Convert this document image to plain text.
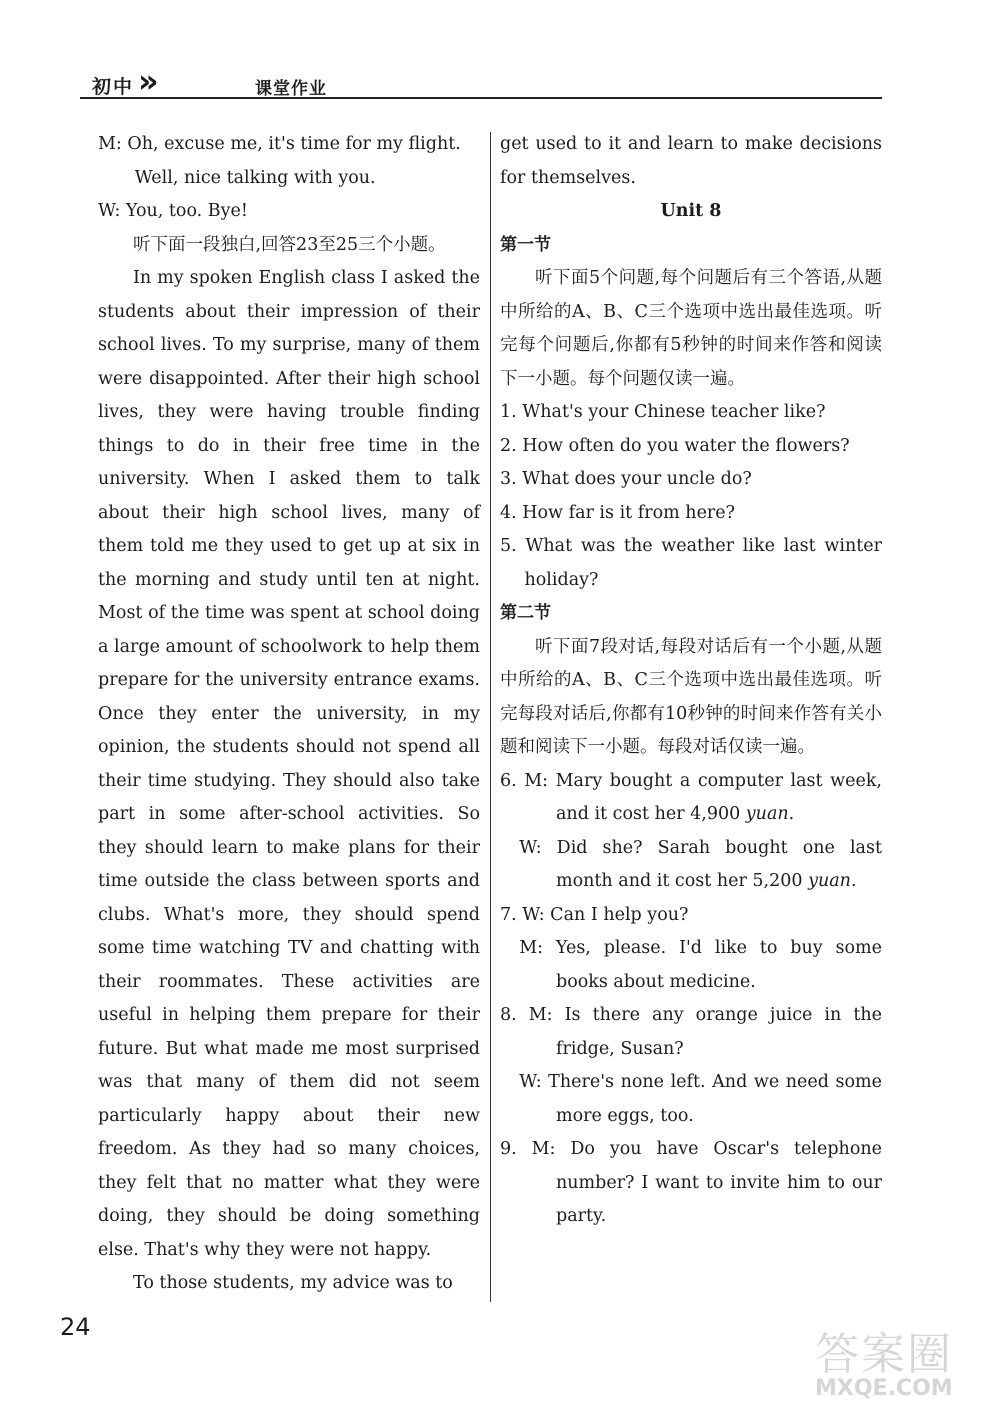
初中 »	课堂作业

M: Oh, excuse me, it's time for my flight.
Well, nice talking with you.

W: You, too. Bye!

听下面一段独白,回答23至25三个小题。

In my spoken English class I asked the students about their impression of their school lives. To my surprise, many of them were disappointed. After their high school lives, they were having trouble finding things to do in their free time in the university. When I asked them to talk about their high school lives, many of them told me they used to get up at six in the morning and study until ten at night. Most of the time was spent at school doing a large amount of schoolwork to help them prepare for the university entrance exams. Once they enter the university, in my opinion, the students should not spend all their time studying. They should also take part in some after-school activities. So they should learn to make plans for their time outside the class between sports and clubs. What's more, they should spend some time watching TV and chatting with their roommates. These activities are useful in helping them prepare for their future. But what made me most surprised was that many of them did not seem particularly happy about their new freedom. As they had so many choices, they felt that no matter what they were doing, they should be doing something else. That's why they were not happy.

To those students, my advice was to

get used to it and learn to make decisions for themselves.

Unit 8

第一节

听下面5个问题,每个问题后有三个答语,从题中所给的A、B、C三个选项中选出最佳选项。听完每个问题后,你都有5秒钟的时间来作答和阅读下一小题。每个问题仅读一遍。

1. What's your Chinese teacher like?

2. How often do you water the flowers?

3. What does your uncle do?

4. How far is it from here?

5. What was the weather like last winter holiday?

第二节

听下面7段对话,每段对话后有一个小题,从题中所给的A、B、C三个选项中选出最佳选项。听完每段对话后,你都有10秒钟的时间来作答有关小题和阅读下一小题。每段对话仅读一遍。

6. M: Mary bought a computer last week, and it cost her 4,900 yuan.

W: Did she? Sarah bought one last month and it cost her 5,200 yuan.

7. W: Can I help you?

M: Yes, please. I'd like to buy some books about medicine.

8. M: Is there any orange juice in the fridge, Susan?

W: There's none left. And we need some more eggs, too.

9. M: Do you have Oscar's telephone number? I want to invite him to our party.

24
答案圈
MXQE.COM
